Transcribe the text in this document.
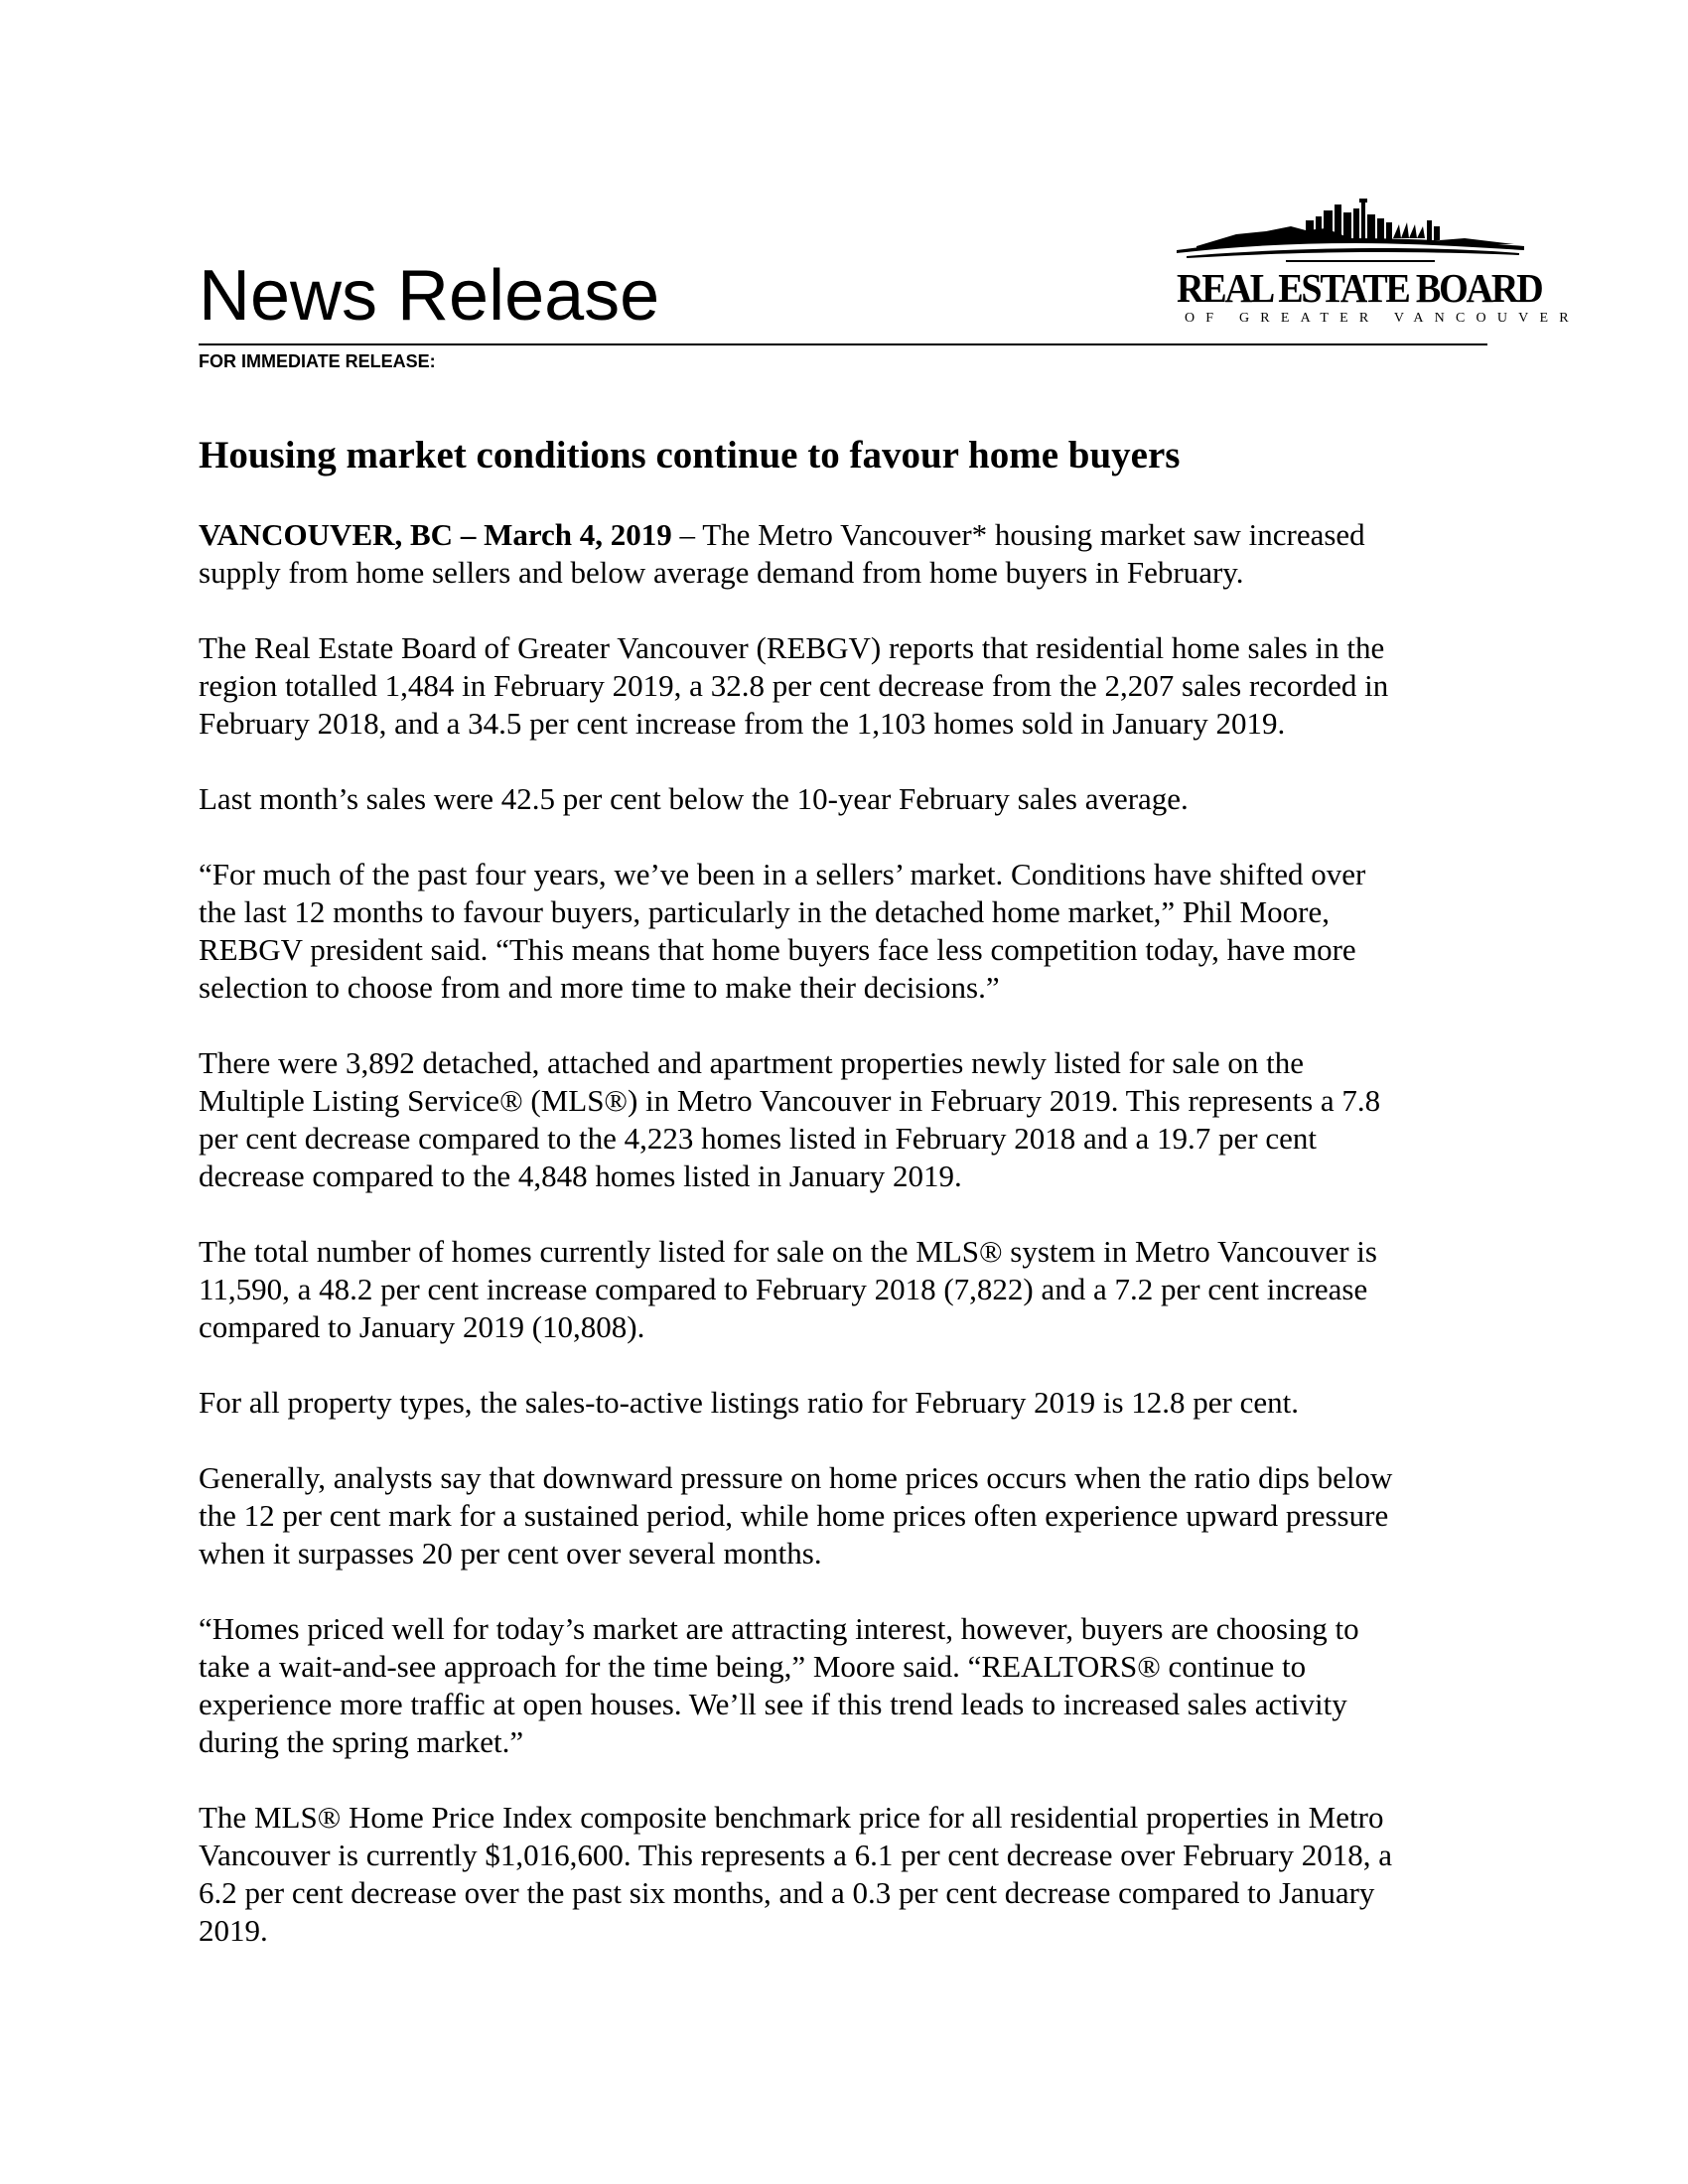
REAL ESTATE BOARD
OF GREATER VANCOUVER
News Release
FOR IMMEDIATE RELEASE:
Housing market conditions continue to favour home buyers

VANCOUVER, BC – March 4, 2019 – The Metro Vancouver* housing market saw increased
supply from home sellers and below average demand from home buyers in February.

The Real Estate Board of Greater Vancouver (REBGV) reports that residential home sales in the
region totalled 1,484 in February 2019, a 32.8 per cent decrease from the 2,207 sales recorded in
February 2018, and a 34.5 per cent increase from the 1,103 homes sold in January 2019.

Last month’s sales were 42.5 per cent below the 10-year February sales average.

“For much of the past four years, we’ve been in a sellers’ market. Conditions have shifted over
the last 12 months to favour buyers, particularly in the detached home market,” Phil Moore,
REBGV president said. “This means that home buyers face less competition today, have more
selection to choose from and more time to make their decisions.”

There were 3,892 detached, attached and apartment properties newly listed for sale on the
Multiple Listing Service® (MLS®) in Metro Vancouver in February 2019. This represents a 7.8
per cent decrease compared to the 4,223 homes listed in February 2018 and a 19.7 per cent
decrease compared to the 4,848 homes listed in January 2019.

The total number of homes currently listed for sale on the MLS® system in Metro Vancouver is
11,590, a 48.2 per cent increase compared to February 2018 (7,822) and a 7.2 per cent increase
compared to January 2019 (10,808).

For all property types, the sales-to-active listings ratio for February 2019 is 12.8 per cent.

Generally, analysts say that downward pressure on home prices occurs when the ratio dips below
the 12 per cent mark for a sustained period, while home prices often experience upward pressure
when it surpasses 20 per cent over several months.

“Homes priced well for today’s market are attracting interest, however, buyers are choosing to
take a wait-and-see approach for the time being,” Moore said. “REALTORS® continue to
experience more traffic at open houses. We’ll see if this trend leads to increased sales activity
during the spring market.”

The MLS® Home Price Index composite benchmark price for all residential properties in Metro
Vancouver is currently $1,016,600. This represents a 6.1 per cent decrease over February 2018, a
6.2 per cent decrease over the past six months, and a 0.3 per cent decrease compared to January
2019.
